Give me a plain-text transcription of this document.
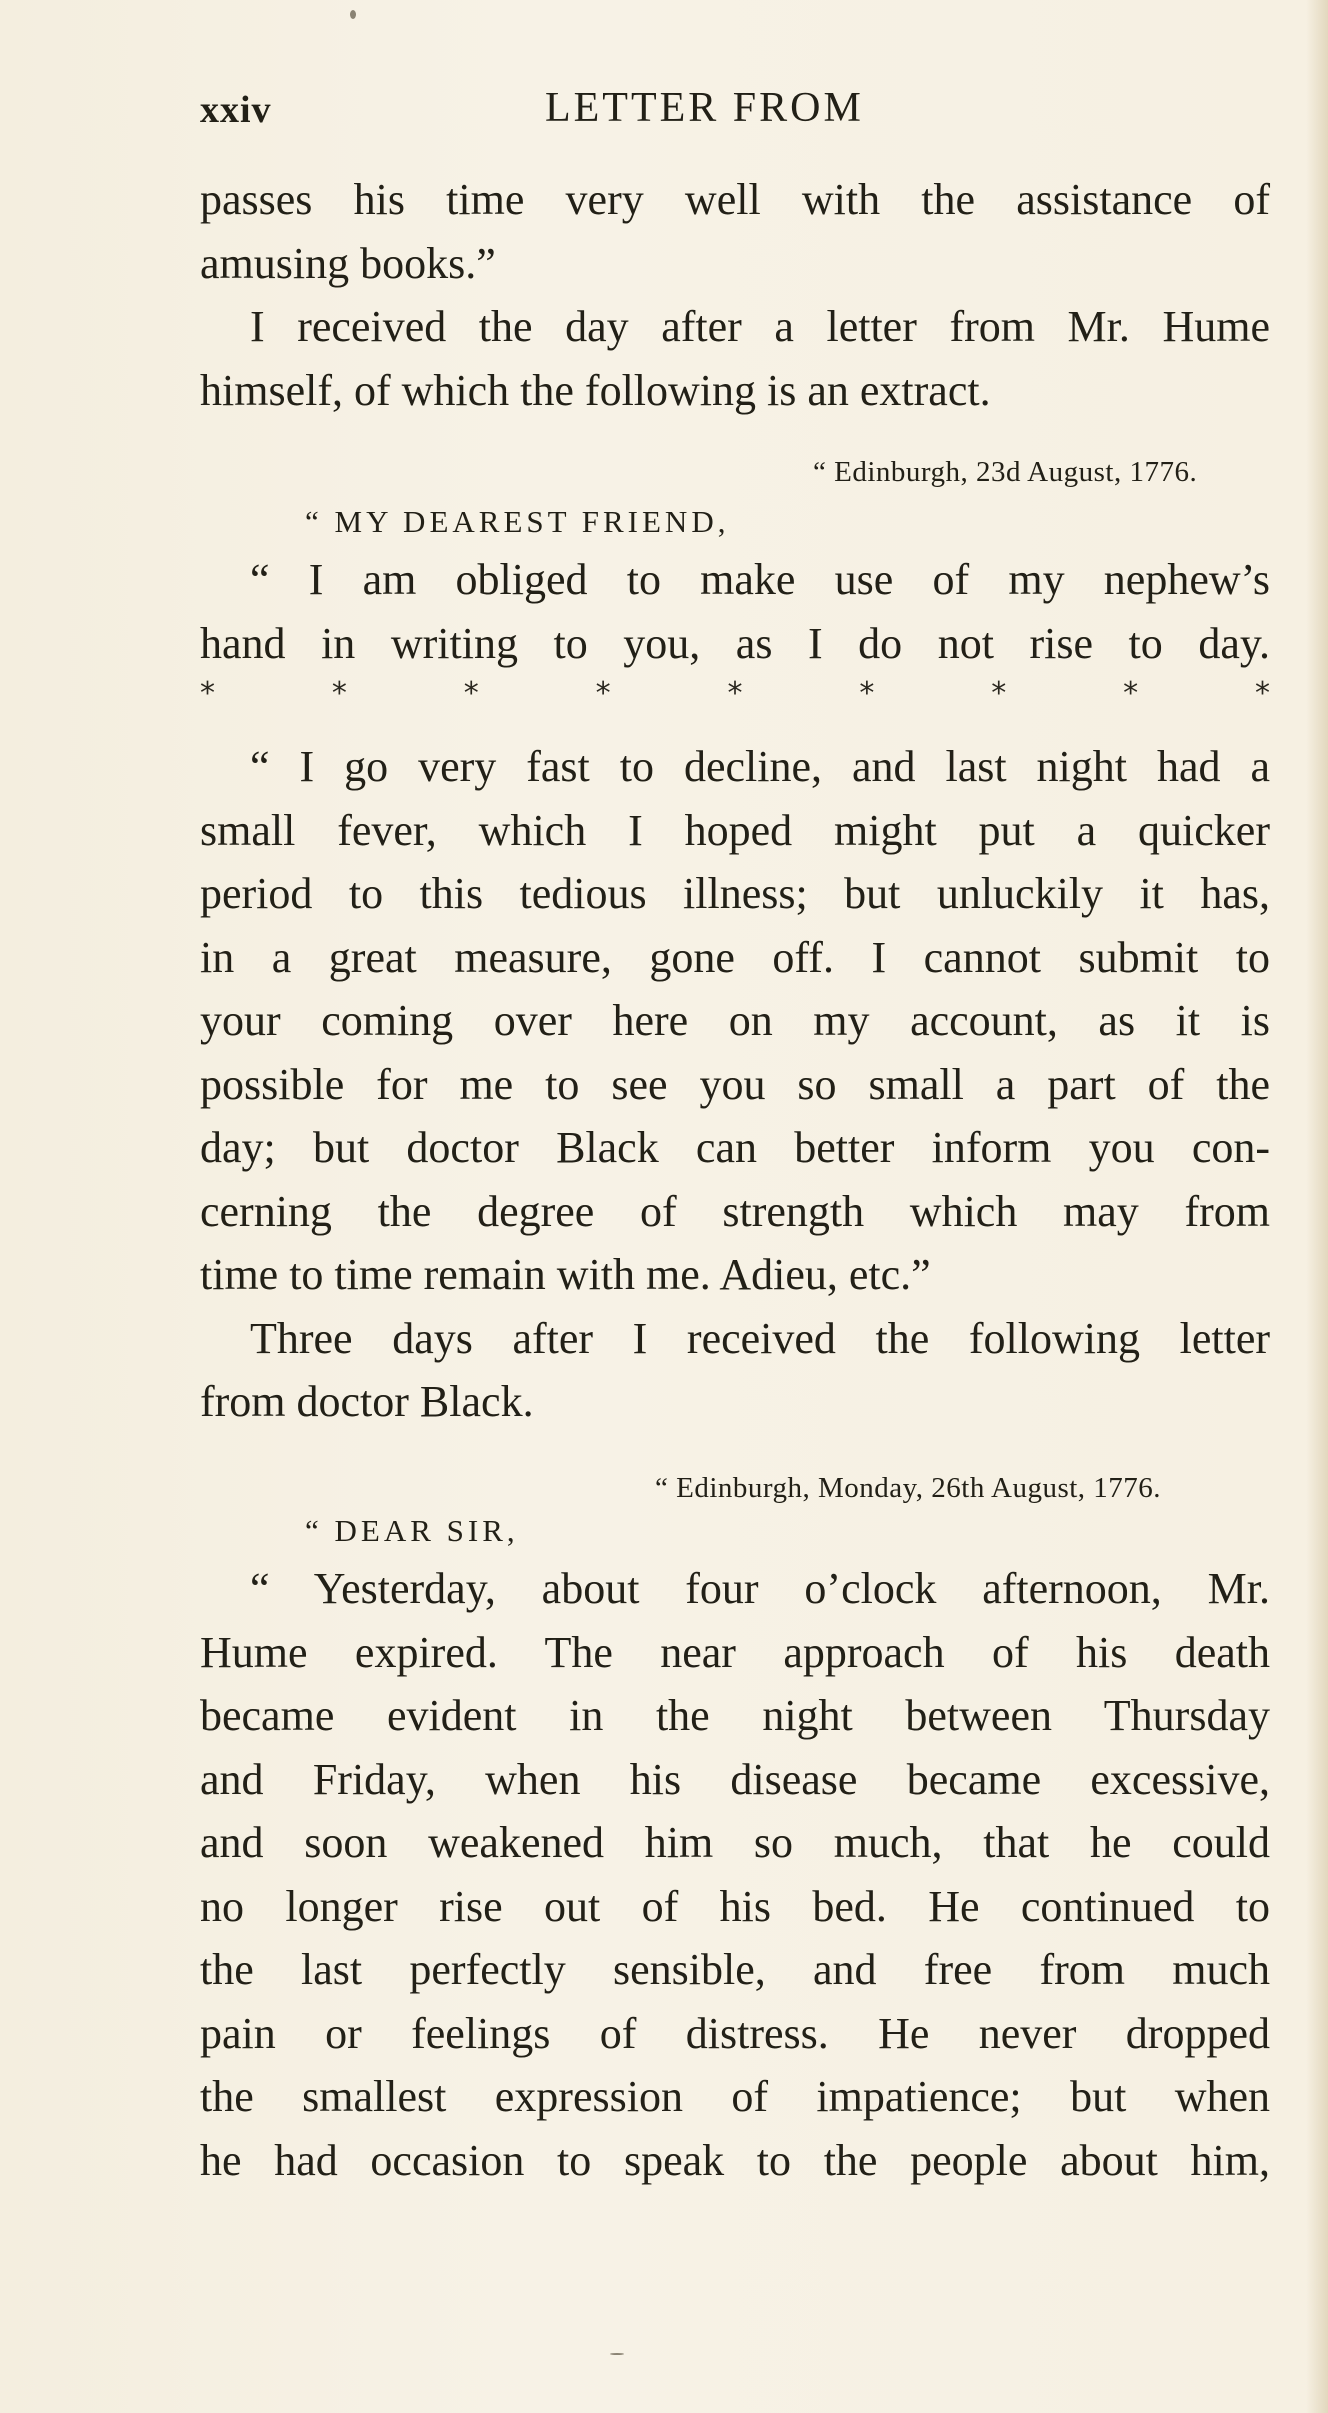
xxiv	LETTER FROM
passes his time very well with the assistance of
amusing books.”
I received the day after a letter from Mr. Hume
himself, of which the following is an extract.
“ Edinburgh, 23d August, 1776.
“ MY DEAREST FRIEND,
“ I am obliged to make use of my nephew’s
hand in writing to you, as I do not rise to day.
*	*	*	*	*	*	*	*	*
“ I go very fast to decline, and last night had a
small fever, which I hoped might put a quicker
period to this tedious illness; but unluckily it has,
in a great measure, gone off. I cannot submit to
your coming over here on my account, as it is
possible for me to see you so small a part of the
day; but doctor Black can better inform you con-
cerning the degree of strength which may from
time to time remain with me. Adieu, etc.”
Three days after I received the following letter
from doctor Black.
“ Edinburgh, Monday, 26th August, 1776.
“ DEAR SIR,
“ Yesterday, about four o’clock afternoon, Mr.
Hume expired. The near approach of his death
became evident in the night between Thursday
and Friday, when his disease became excessive,
and soon weakened him so much, that he could
no longer rise out of his bed. He continued to
the last perfectly sensible, and free from much
pain or feelings of distress. He never dropped
the smallest expression of impatience; but when
he had occasion to speak to the people about him,
